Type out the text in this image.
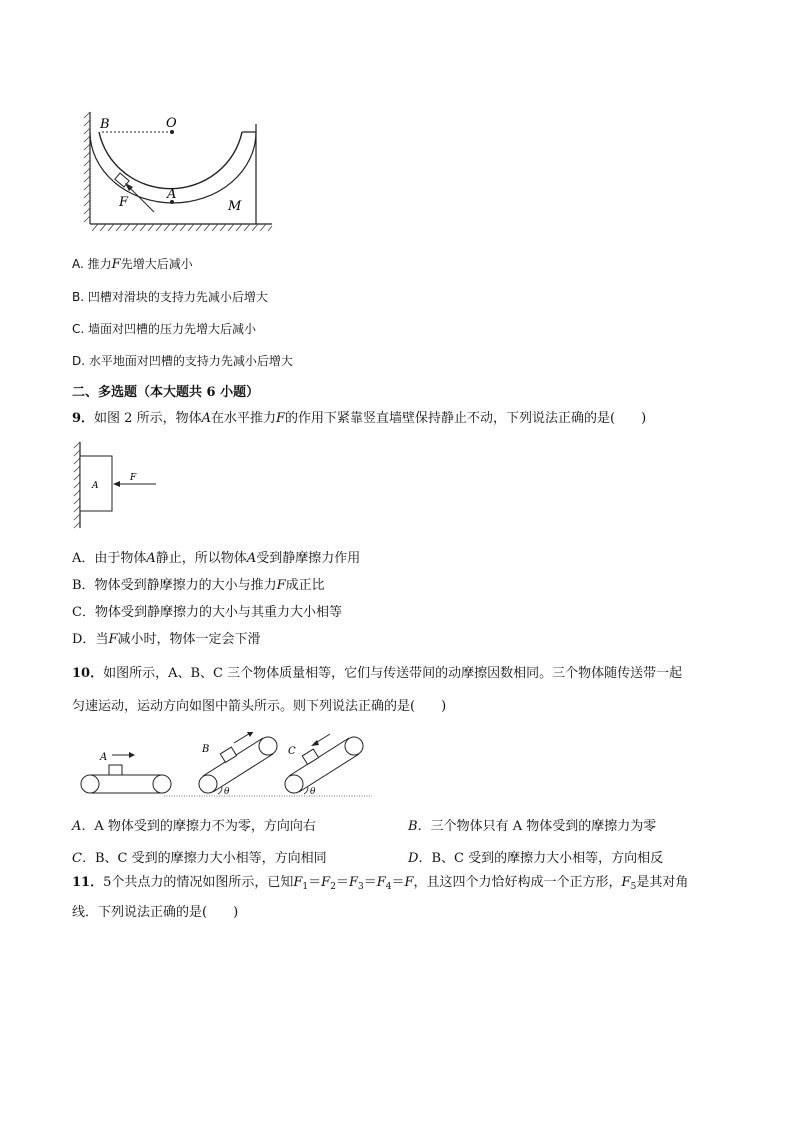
B	O
A
F	M
A. 推力F先增大后减小
B. 凹槽对滑块的支持力先减小后增大
C. 墙面对凹槽的压力先增大后减小
D. 水平地面对凹槽的支持力先减小后增大
二、多选题（本大题共 6 小题）
9．如图 2 所示，物体A在水平推力F的作用下紧靠竖直墙壁保持静止不动，下列说法正确的是(　　)
A
F
A．由于物体A静止，所以物体A受到静摩擦力作用
B．物体受到静摩擦力的大小与推力F成正比
C．物体受到静摩擦力的大小与其重力大小相等
D．当F减小时，物体一定会下滑
10．如图所示，A、B、C 三个物体质量相等，它们与传送带间的动摩擦因数相同。三个物体随传送带一起
匀速运动，运动方向如图中箭头所示。则下列说法正确的是(　　)
A
B
θ
C
θ
A．A 物体受到的摩擦力不为零，方向向右	B．三个物体只有 A 物体受到的摩擦力为零
C．B、C 受到的摩擦力大小相等，方向相同	D．B、C 受到的摩擦力大小相等，方向相反
11．5个共点力的情况如图所示，已知$F_1=F_2=F_3=F_4=F$，且这四个力恰好构成一个正方形，$F_5$是其对角
线．下列说法正确的是(　　)
